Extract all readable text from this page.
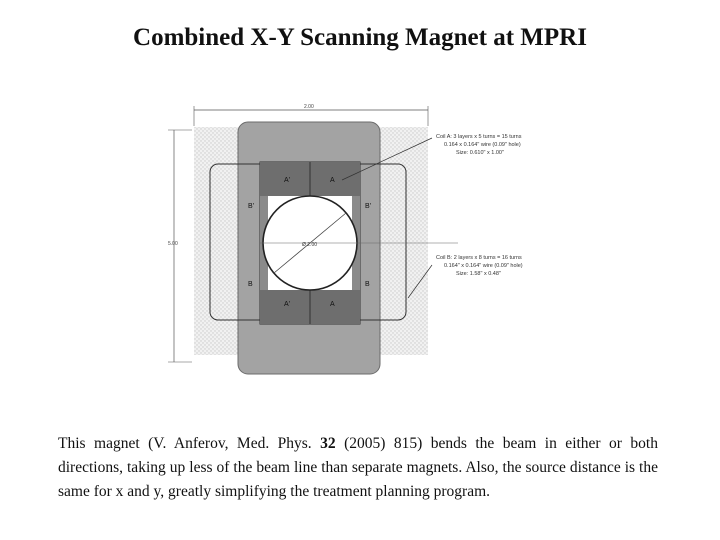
Combined X-Y Scanning Magnet at MPRI
A'	A
B'	B'
B	B
A'	A
Ø 2.00
2.00
5.00
Coil A: 3 layers x 5 turns = 15 turns
0.164 x 0.164" wire (0.09" hole)
Size: 0.610" x 1.00"
Coil B: 2 layers x 8 turns = 16 turns
0.164" x 0.164" wire (0.09" hole)
Size: 1.58" x 0.48"
This magnet (V. Anferov, Med. Phys. 32 (2005) 815) bends the beam in either or both directions, taking up less of the beam line than separate magnets. Also, the source distance is the same for x and y, greatly simplifying the treatment planning program.
